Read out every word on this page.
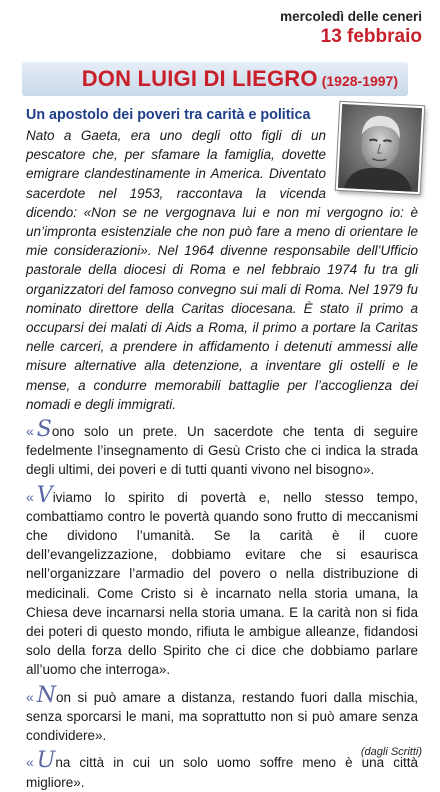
mercoledì delle ceneri
13 febbraio
DON LUIGI DI LIEGRO (1928-1997)
Un apostolo dei poveri tra carità e politica

Nato a Gaeta, era uno degli otto figli di un pescatore che, per sfamare la famiglia, dovette emigrare clandestinamente in America. Diventato sacerdote nel 1953, raccontava la vicenda dicendo: «Non se ne vergognava lui e non mi vergogno io: è un’impronta esistenziale che non può fare a meno di orientare le mie considerazioni». Nel 1964 divenne responsabile dell’Ufficio pastorale della diocesi di Roma e nel febbraio 1974 fu tra gli organizzatori del famoso convegno sui mali di Roma. Nel 1979 fu nominato direttore della Caritas diocesana. È stato il primo a occuparsi dei malati di Aids a Roma, il primo a portare la Caritas nelle carceri, a prendere in affidamento i detenuti ammessi alle misure alternative alla detenzione, a inventare gli ostelli e le mense, a condurre memorabili battaglie per l’accoglienza dei nomadi e degli immigrati.

« Sono solo un prete. Un sacerdote che tenta di seguire fedelmente l’insegnamento di Gesù Cristo che ci indica la strada degli ultimi, dei poveri e di tutti quanti vivono nel bisogno».

« Viviamo lo spirito di povertà e, nello stesso tempo, combattiamo contro le povertà quando sono frutto di meccanismi che dividono l’umanità. Se la carità è il cuore dell’evangelizzazione, dobbiamo evitare che si esaurisca nell’organizzare l’armadio del povero o nella distribuzione di medicinali. Come Cristo si è incarnato nella storia umana, la Chiesa deve incarnarsi nella storia umana. E la carità non si fida dei poteri di questo mondo, rifiuta le ambigue alleanze, fidandosi solo della forza dello Spirito che ci dice che dobbiamo parlare all’uomo che interroga».

« Non si può amare a distanza, restando fuori dalla mischia, senza sporcarsi le mani, ma soprattutto non si può amare senza condividere».

« Una città in cui un solo uomo soffre meno è una città migliore».

(dagli Scritti)
